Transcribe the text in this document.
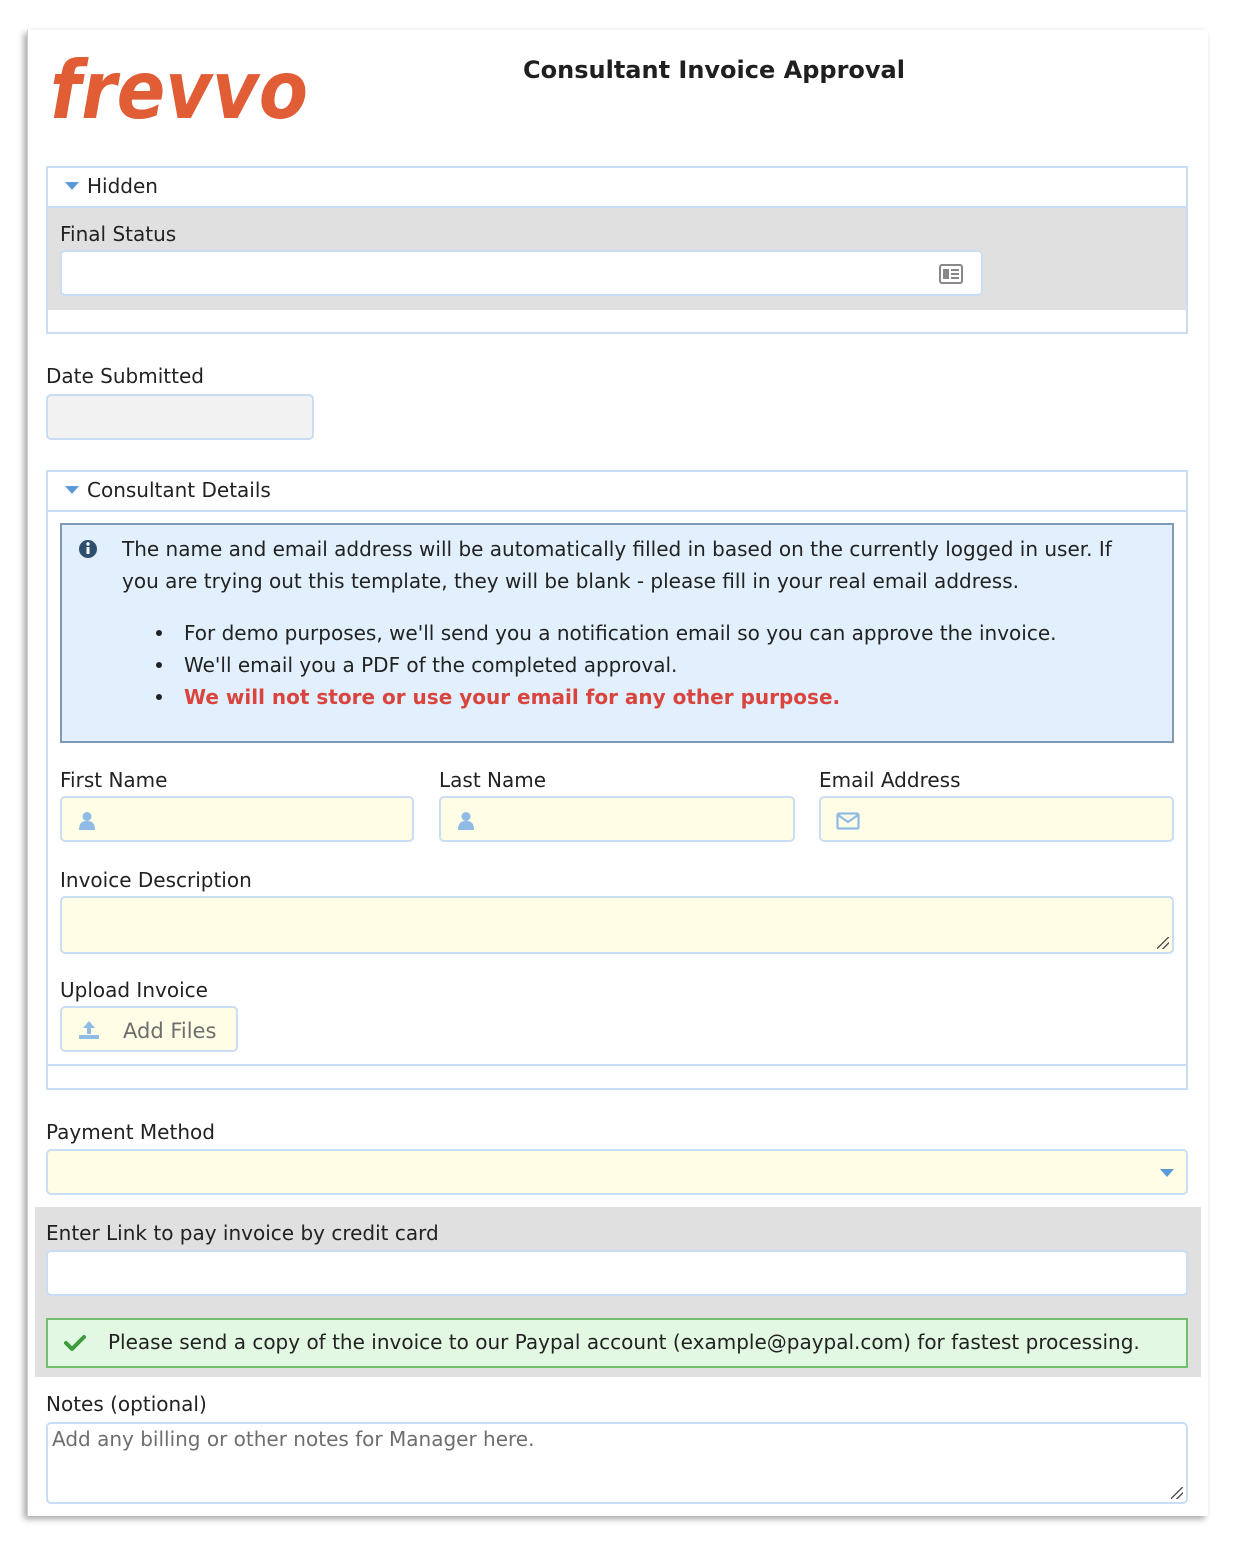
frevvo	Consultant Invoice Approval
Hidden
Final Status
Date Submitted
Consultant Details
The name and email address will be automatically filled in based on the currently logged in user. If you are trying out this template, they will be blank - please fill in your real email address.
For demo purposes, we'll send you a notification email so you can approve the invoice.
We'll email you a PDF of the completed approval.
We will not store or use your email for any other purpose.
First Name	Last Name	Email Address
Invoice Description
Upload Invoice
Add Files
Payment Method
Enter Link to pay invoice by credit card
Please send a copy of the invoice to our Paypal account (example@paypal.com) for fastest processing.
Notes (optional)
Add any billing or other notes for Manager here.
